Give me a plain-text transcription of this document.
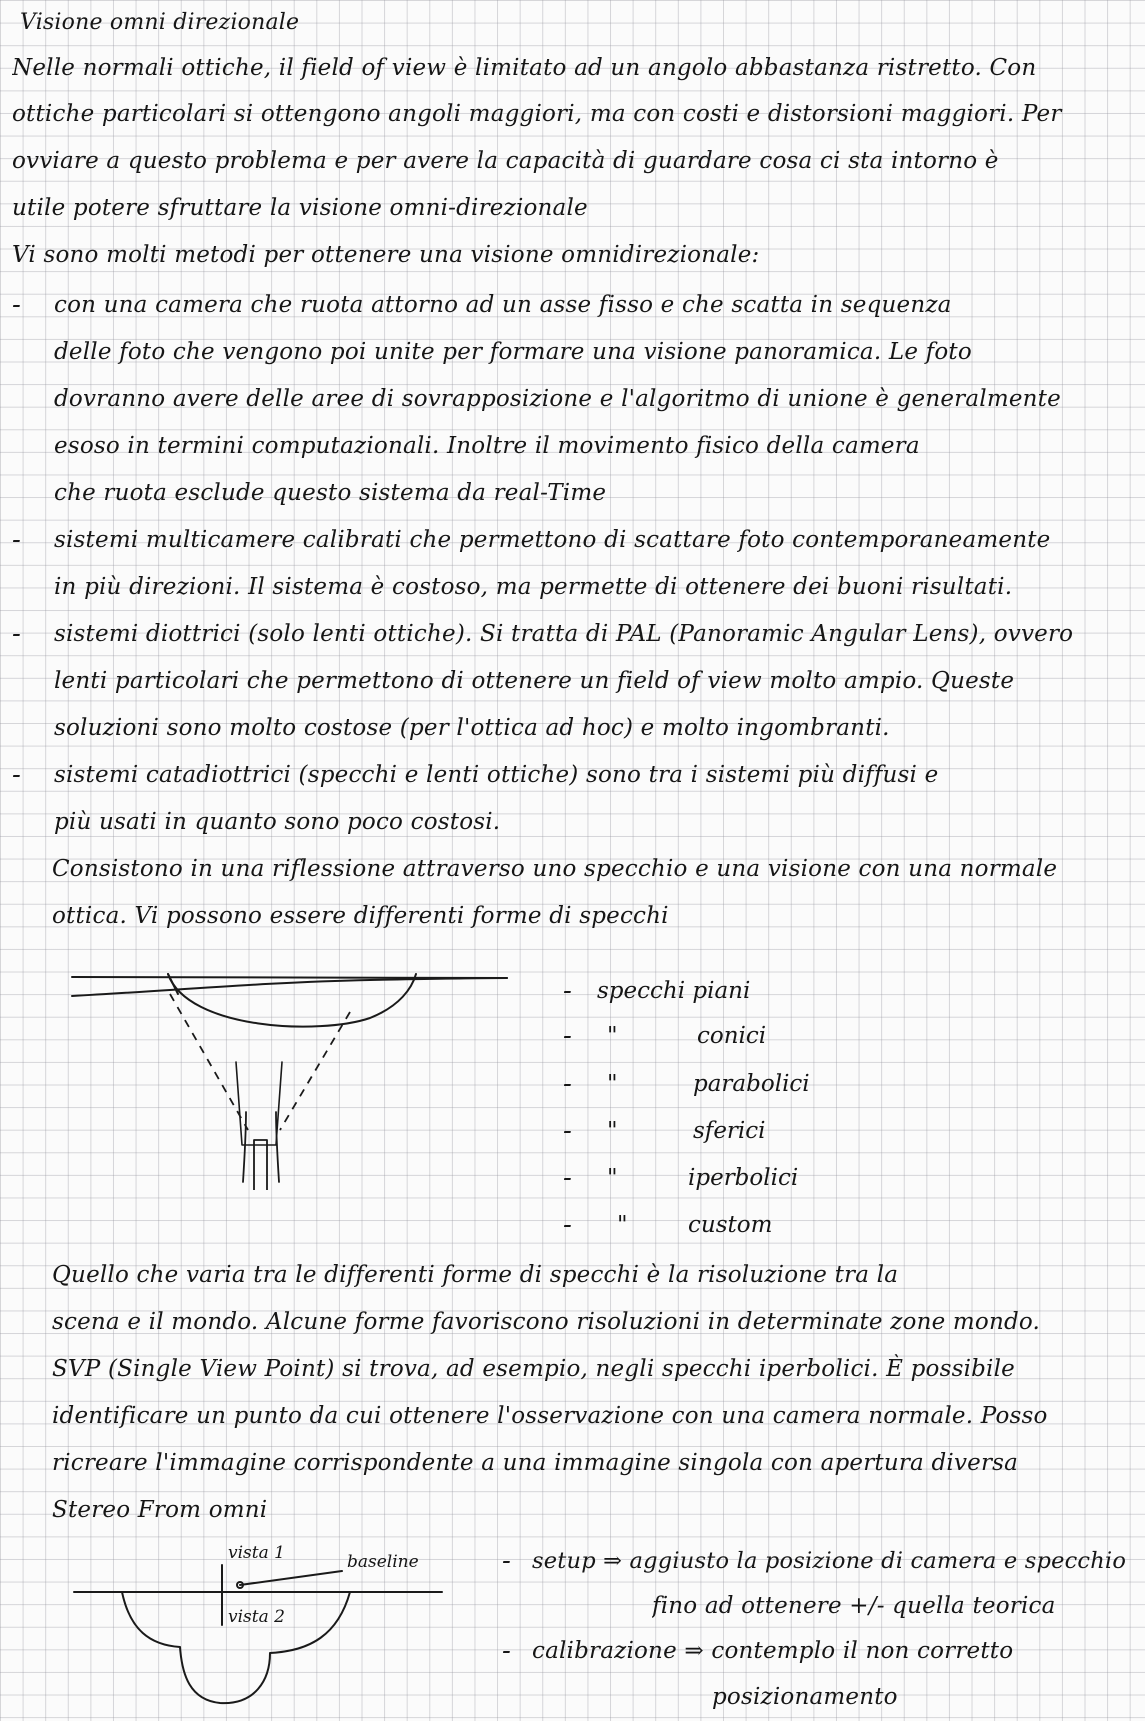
Visione omni direzionale
Nelle normali ottiche, il field of view è limitato ad un angolo abbastanza ristretto. Con
ottiche particolari si ottengono angoli maggiori, ma con costi e distorsioni maggiori. Per
ovviare a questo problema e per avere la capacità di guardare cosa ci sta intorno è
utile potere sfruttare la visione omni-direzionale
Vi sono molti metodi per ottenere una visione omnidirezionale:
- con una camera che ruota attorno ad un asse fisso e che scatta in sequenza
delle foto che vengono poi unite per formare una visione panoramica. Le foto
dovranno avere delle aree di sovrapposizione e l'algoritmo di unione è generalmente
esoso in termini computazionali. Inoltre il movimento fisico della camera
che ruota esclude questo sistema da real-Time
- sistemi multicamere calibrati che permettono di scattare foto contemporaneamente
in più direzioni. Il sistema è costoso, ma permette di ottenere dei buoni risultati.
- sistemi diottrici (solo lenti ottiche). Si tratta di PAL (Panoramic Angular Lens), ovvero
lenti particolari che permettono di ottenere un field of view molto ampio. Queste
soluzioni sono molto costose (per l'ottica ad hoc) e molto ingombranti.
- sistemi catadiottrici (specchi e lenti ottiche) sono tra i sistemi più diffusi e
più usati in quanto sono poco costosi.
Consistono in una riflessione attraverso uno specchio e una visione con una normale
ottica. Vi possono essere differenti forme di specchi
- specchi piani
- "	conici
- "	parabolici
- "	sferici
- "	iperbolici
- "	custom
Quello che varia tra le differenti forme di specchi è la risoluzione tra la
scena e il mondo. Alcune forme favoriscono risoluzioni in determinate zone mondo.
SVP (Single View Point) si trova, ad esempio, negli specchi iperbolici. È possibile
identificare un punto da cui ottenere l'osservazione con una camera normale. Posso
ricreare l'immagine corrispondente a una immagine singola con apertura diversa
Stereo From omni
vista 1
vista 2
baseline	- setup ⇒ aggiusto la posizione di camera e specchio
fino ad ottenere +/- quella teorica
- calibrazione ⇒ contemplo il non corretto
posizionamento
